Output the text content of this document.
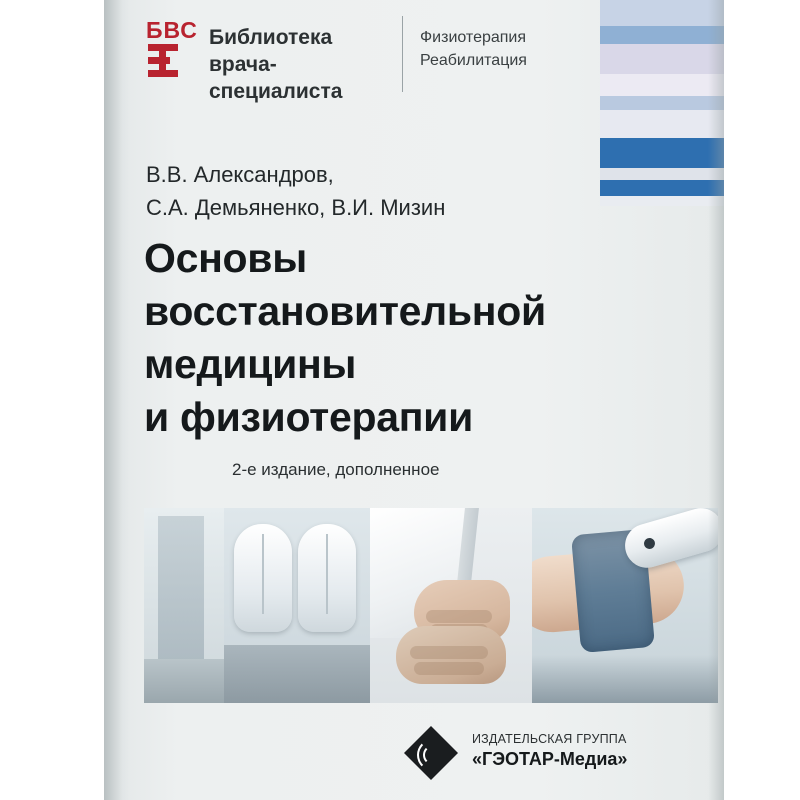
БВС Библиотека
врача-специалиста
Физиотерапия
Реабилитация
В.В. Александров,
С.А. Демьяненко, В.И. Мизин
Основы
восстановительной
медицины
и физиотерапии
2-е издание, дополненное
ИЗДАТЕЛЬСКАЯ ГРУППА
«ГЭОТАР-Медиа»
